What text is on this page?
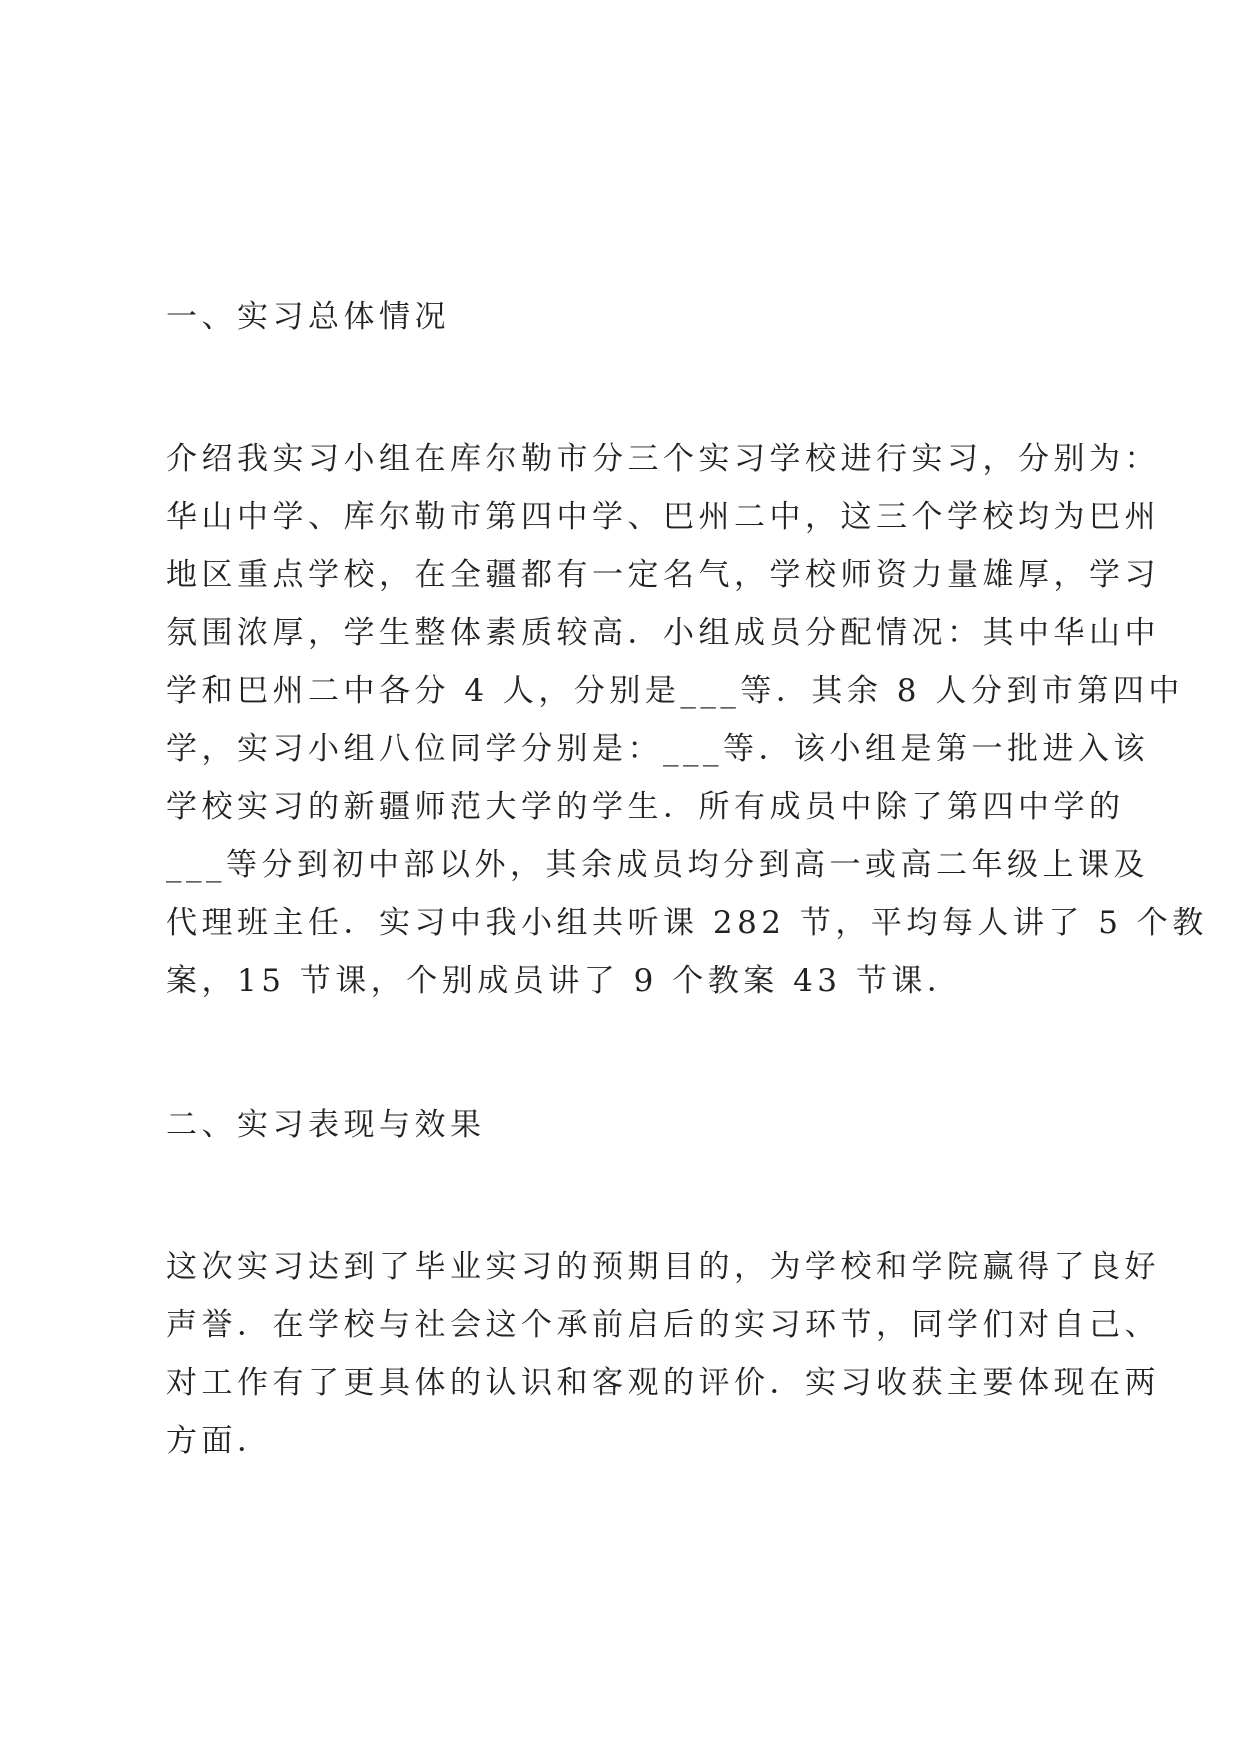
一、实习总体情况

介绍我实习小组在库尔勒市分三个实习学校进行实习，分别为：
华山中学、库尔勒市第四中学、巴州二中，这三个学校均为巴州
地区重点学校，在全疆都有一定名气，学校师资力量雄厚，学习
氛围浓厚，学生整体素质较高．小组成员分配情况：其中华山中
学和巴州二中各分 4 人，分别是___等．其余 8 人分到市第四中
学，实习小组八位同学分别是：___等．该小组是第一批进入该
学校实习的新疆师范大学的学生．所有成员中除了第四中学的
___等分到初中部以外，其余成员均分到高一或高二年级上课及
代理班主任．实习中我小组共听课 282 节，平均每人讲了 5 个教
案，15 节课，个别成员讲了 9 个教案 43 节课．

二、实习表现与效果

这次实习达到了毕业实习的预期目的，为学校和学院赢得了良好
声誉．在学校与社会这个承前启后的实习环节，同学们对自己、
对工作有了更具体的认识和客观的评价．实习收获主要体现在两
方面．
